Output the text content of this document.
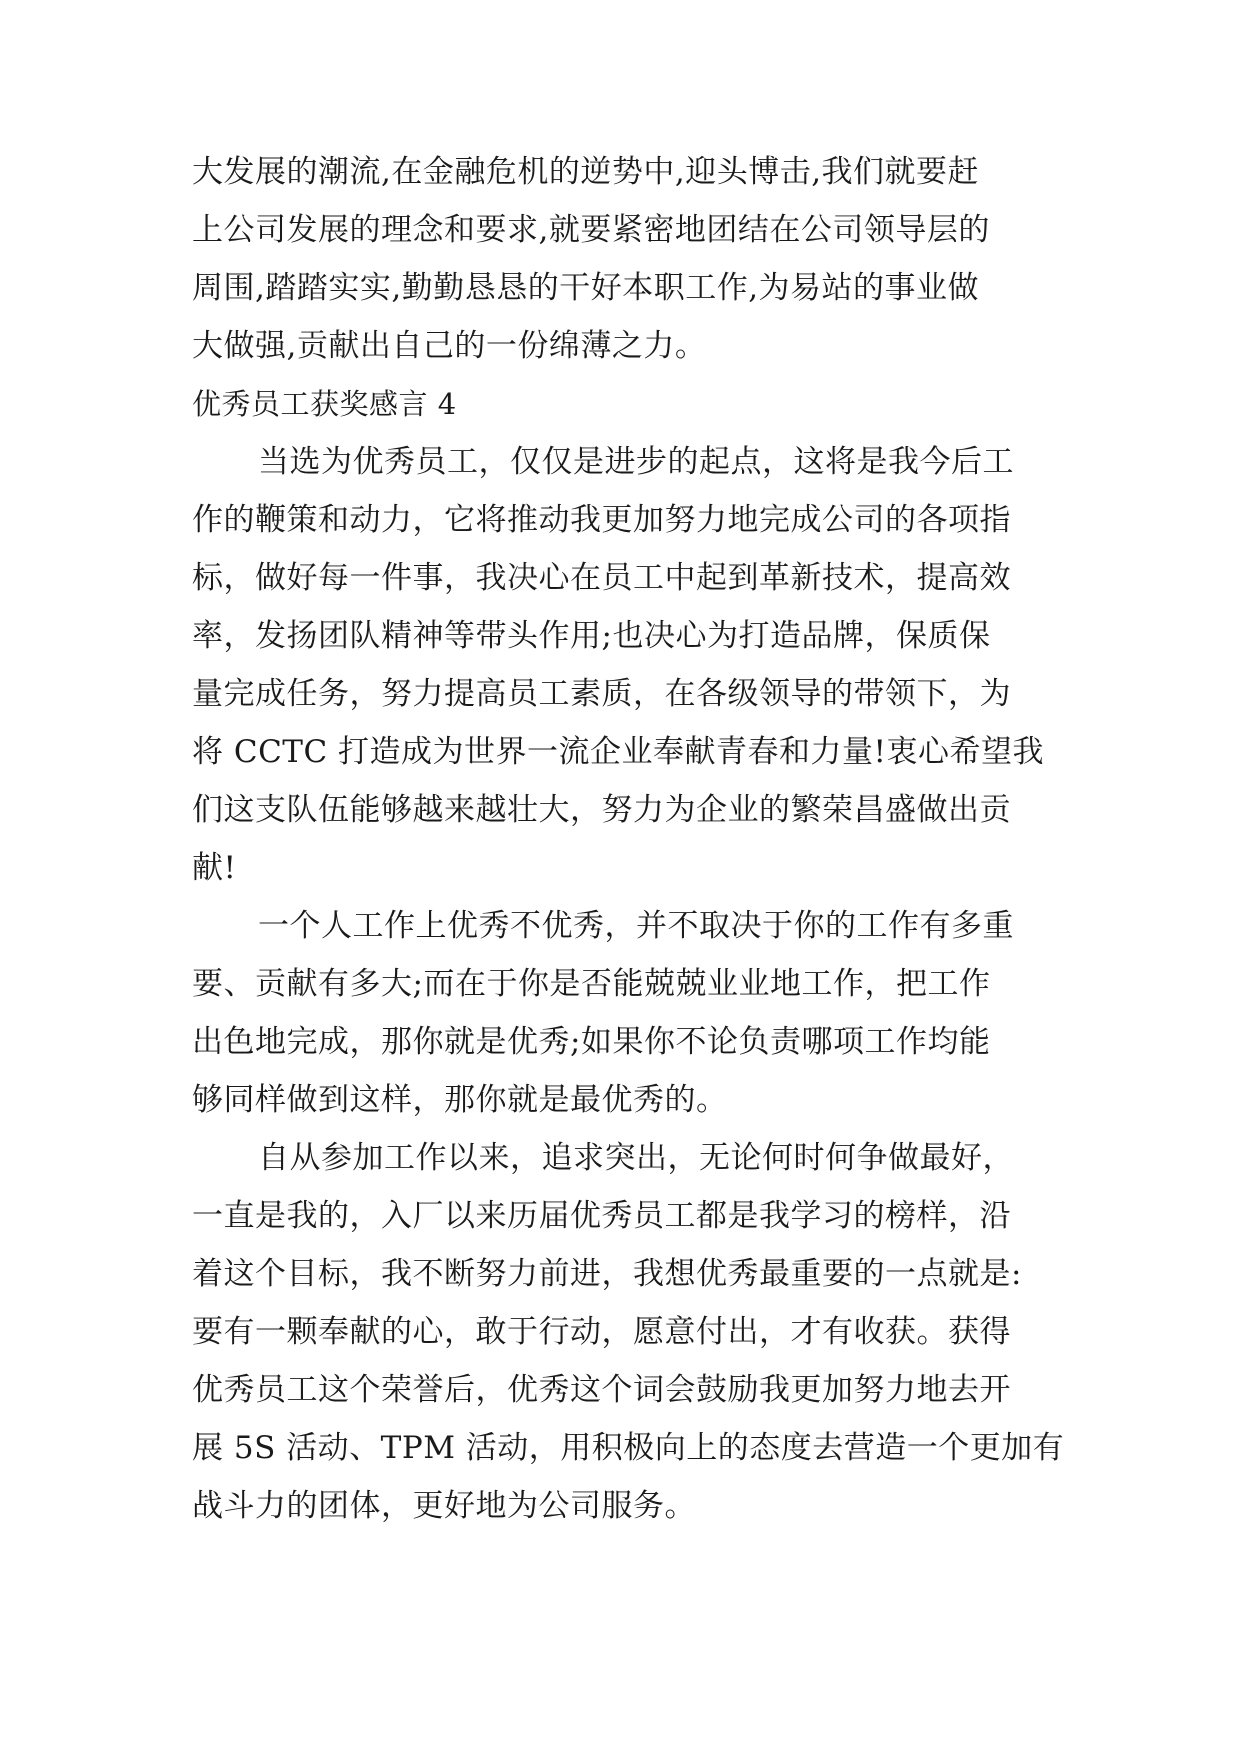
大发展的潮流,在金融危机的逆势中,迎头博击,我们就要赶
上公司发展的理念和要求,就要紧密地团结在公司领导层的
周围,踏踏实实,勤勤恳恳的干好本职工作,为易站的事业做
大做强,贡献出自己的一份绵薄之力。
优秀员工获奖感言 4
当选为优秀员工，仅仅是进步的起点，这将是我今后工
作的鞭策和动力，它将推动我更加努力地完成公司的各项指
标，做好每一件事，我决心在员工中起到革新技术，提高效
率，发扬团队精神等带头作用;也决心为打造品牌，保质保
量完成任务，努力提高员工素质，在各级领导的带领下，为
将 CCTC 打造成为世界一流企业奉献青春和力量!衷心希望我
们这支队伍能够越来越壮大，努力为企业的繁荣昌盛做出贡
献!
一个人工作上优秀不优秀，并不取决于你的工作有多重
要、贡献有多大;而在于你是否能兢兢业业地工作，把工作
出色地完成，那你就是优秀;如果你不论负责哪项工作均能
够同样做到这样，那你就是最优秀的。
自从参加工作以来，追求突出，无论何时何争做最好，
一直是我的，入厂以来历届优秀员工都是我学习的榜样，沿
着这个目标，我不断努力前进，我想优秀最重要的一点就是:
要有一颗奉献的心，敢于行动，愿意付出，才有收获。获得
优秀员工这个荣誉后，优秀这个词会鼓励我更加努力地去开
展 5S 活动、TPM 活动，用积极向上的态度去营造一个更加有
战斗力的团体，更好地为公司服务。
